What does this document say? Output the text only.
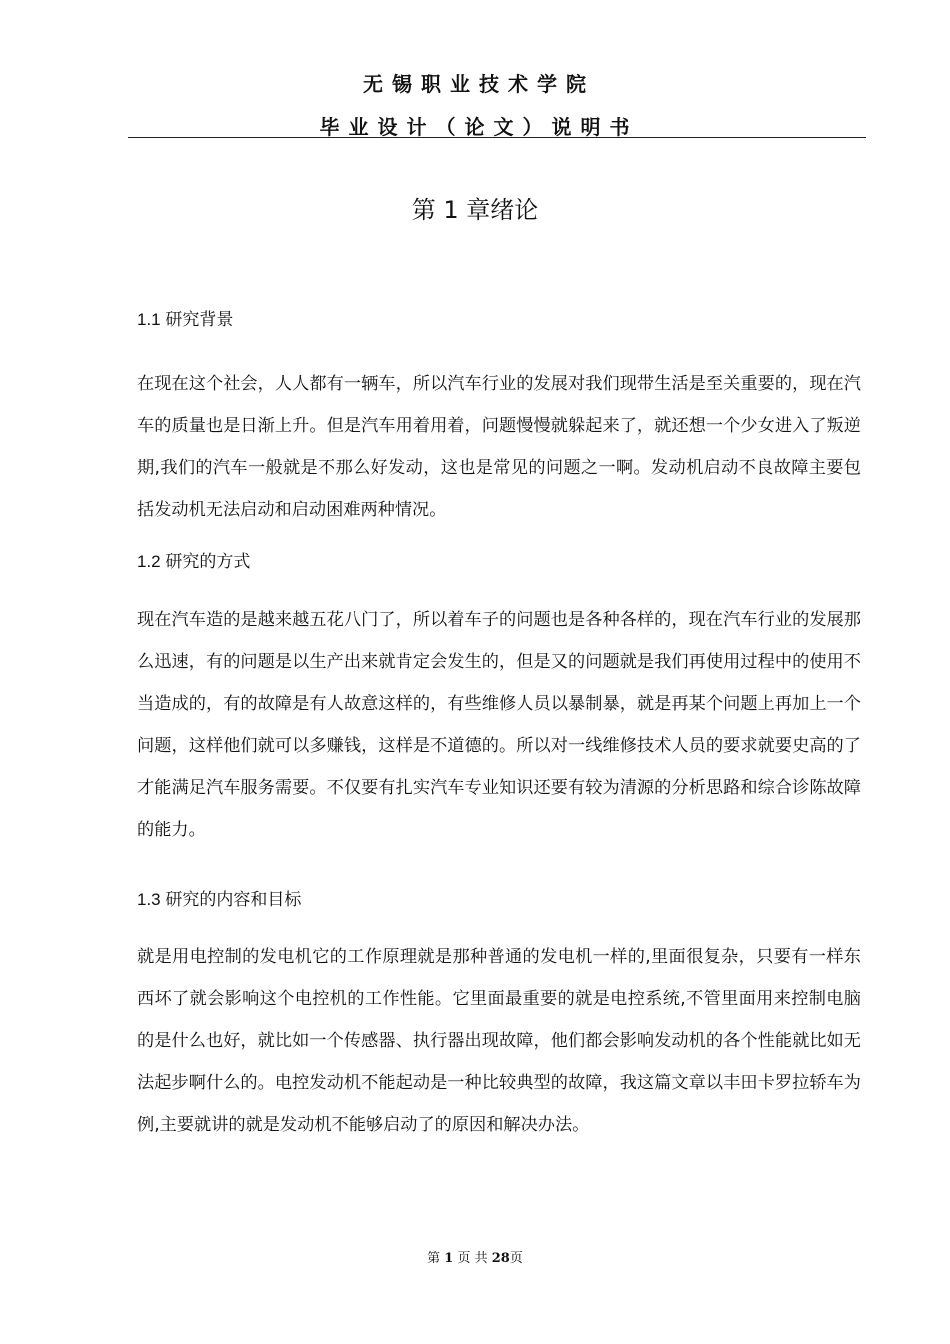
无锡职业技术学院
毕业设计（论文）说明书
第 1 章绪论
1.1 研究背景

在现在这个社会，人人都有一辆车，所以汽车行业的发展对我们现带生活是至关重要的，现在汽车的质量也是日渐上升。但是汽车用着用着，问题慢慢就躲起来了，就还想一个少女进入了叛逆期,我们的汽车一般就是不那么好发动，这也是常见的问题之一啊。发动机启动不良故障主要包括发动机无法启动和启动困难两种情况。

1.2 研究的方式

现在汽车造的是越来越五花八门了，所以着车子的问题也是各种各样的，现在汽车行业的发展那么迅速，有的问题是以生产出来就肯定会发生的，但是又的问题就是我们再使用过程中的使用不当造成的，有的故障是有人故意这样的，有些维修人员以暴制暴，就是再某个问题上再加上一个问题，这样他们就可以多赚钱，这样是不道德的。所以对一线维修技术人员的要求就要史高的了才能满足汽车服务需要。不仅要有扎实汽车专业知识还要有较为清源的分析思路和综合诊陈故障的能力。

1.3 研究的内容和目标

就是用电控制的发电机它的工作原理就是那种普通的发电机一样的,里面很复杂，只要有一样东西坏了就会影响这个电控机的工作性能。它里面最重要的就是电控系统,不管里面用来控制电脑的是什么也好，就比如一个传感器、执行器出现故障，他们都会影响发动机的各个性能就比如无法起步啊什么的。电控发动机不能起动是一种比较典型的故障，我这篇文章以丰田卡罗拉轿车为例,主要就讲的就是发动机不能够启动了的原因和解决办法。

第 1 页 共 28页
